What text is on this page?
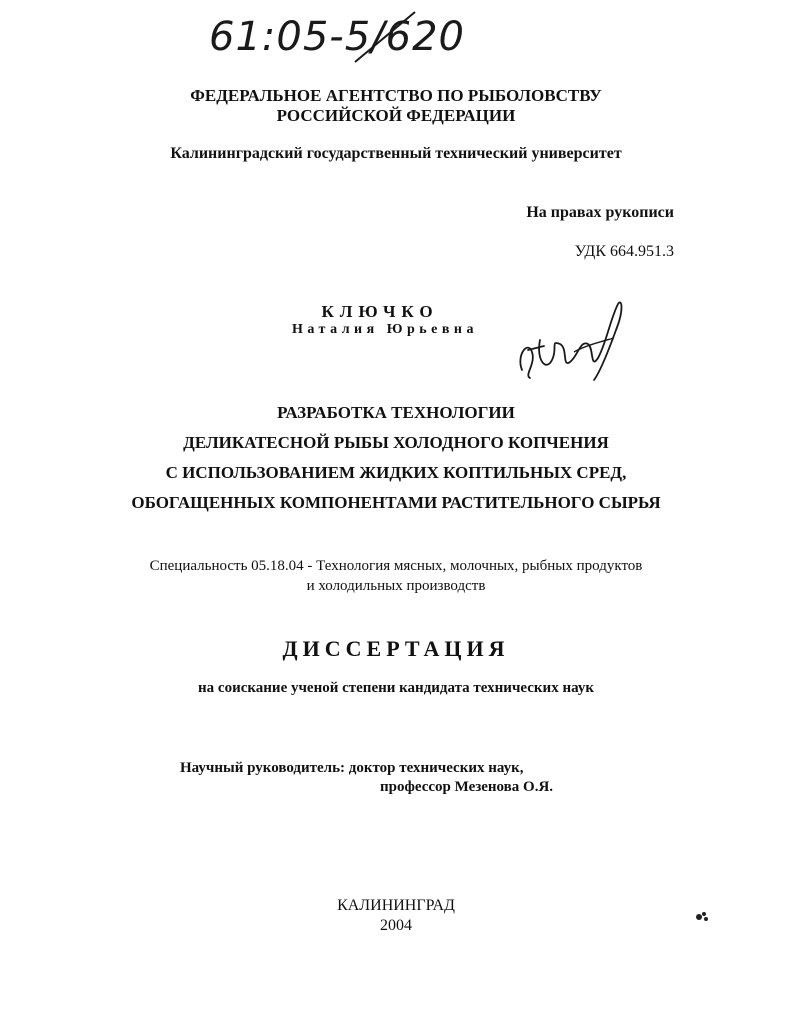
61:05-5/620
ФЕДЕРАЛЬНОЕ АГЕНТСТВО ПО РЫБОЛОВСТВУ
РОССИЙСКОЙ ФЕДЕРАЦИИ
Калининградский государственный технический университет
На правах рукописи
УДК 664.951.3
КЛЮЧКО
Наталия Юрьевна
РАЗРАБОТКА ТЕХНОЛОГИИ
ДЕЛИКАТЕСНОЙ РЫБЫ ХОЛОДНОГО КОПЧЕНИЯ
С ИСПОЛЬЗОВАНИЕМ ЖИДКИХ КОПТИЛЬНЫХ СРЕД,
ОБОГАЩЕННЫХ КОМПОНЕНТАМИ РАСТИТЕЛЬНОГО СЫРЬЯ
Специальность 05.18.04 - Технология мясных, молочных, рыбных продуктов
и холодильных производств
ДИССЕРТАЦИЯ
на соискание ученой степени кандидата технических наук
Научный руководитель: доктор технических наук,
профессор Мезенова О.Я.
КАЛИНИНГРАД
2004
